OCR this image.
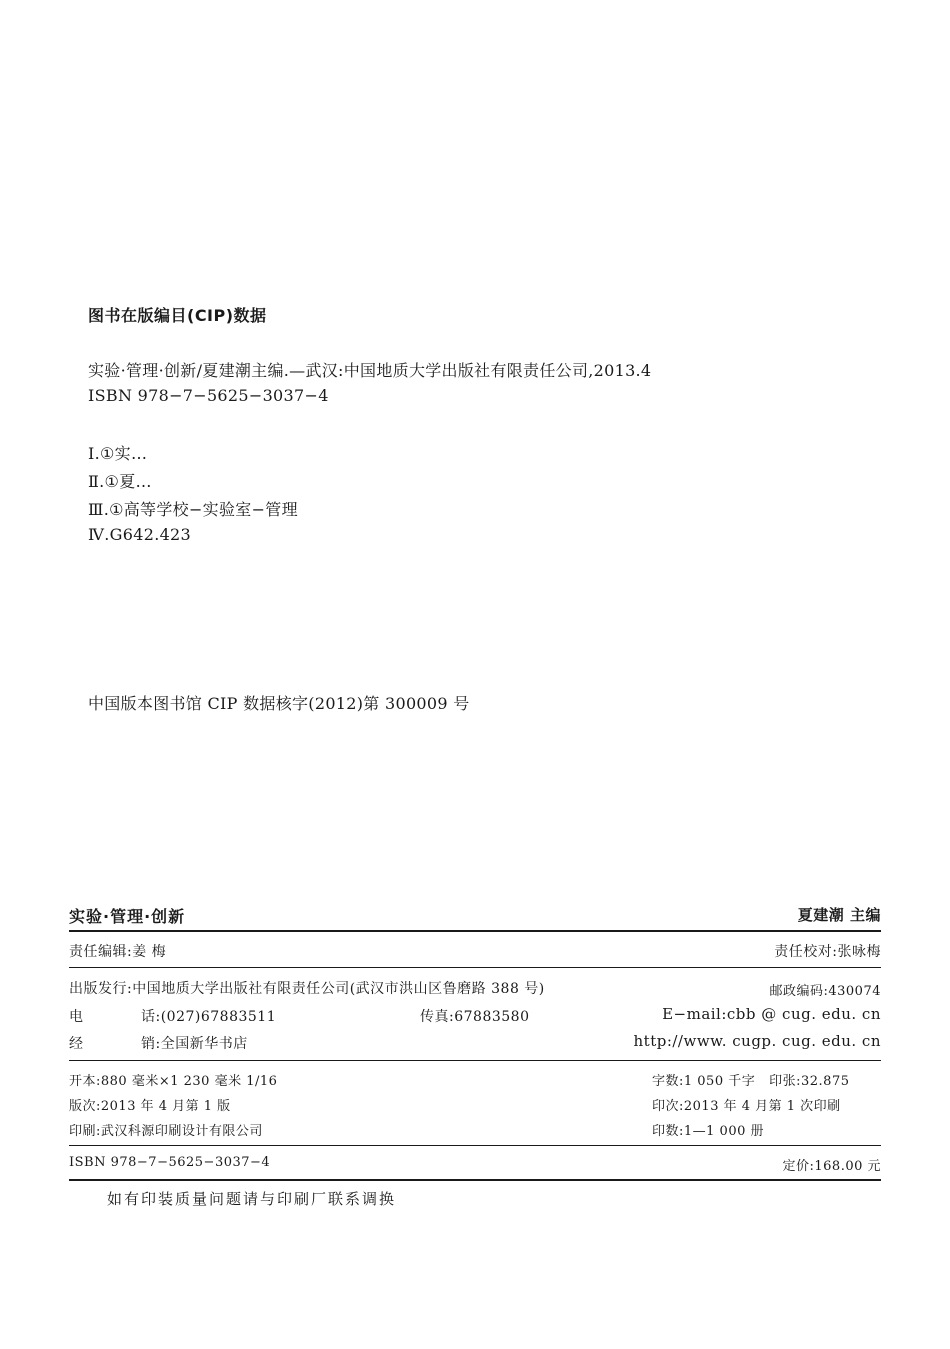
图书在版编目(CIP)数据
实验·管理·创新/夏建潮主编.—武汉:中国地质大学出版社有限责任公司,2013.4
ISBN 978−7−5625−3037−4
Ⅰ.①实…
Ⅱ.①夏…
Ⅲ.①高等学校−实验室−管理
Ⅳ.G642.423
中国版本图书馆 CIP 数据核字(2012)第 300009 号
实验·管理·创新	夏建潮 主编
责任编辑:姜 梅	责任校对:张咏梅
出版发行:中国地质大学出版社有限责任公司(武汉市洪山区鲁磨路 388 号)	邮政编码:430074
电	话:(027)67883511	传真:67883580	E−mail:cbb @ cug. edu. cn
经	销:全国新华书店	http://www. cugp. cug. edu. cn
开本:880 毫米×1 230 毫米 1/16	字数:1 050 千字   印张:32.875
版次:2013 年 4 月第 1 版	印次:2013 年 4 月第 1 次印刷
印刷:武汉科源印刷设计有限公司	印数:1—1 000 册
ISBN 978−7−5625−3037−4	定价:168.00 元
如有印装质量问题请与印刷厂联系调换
